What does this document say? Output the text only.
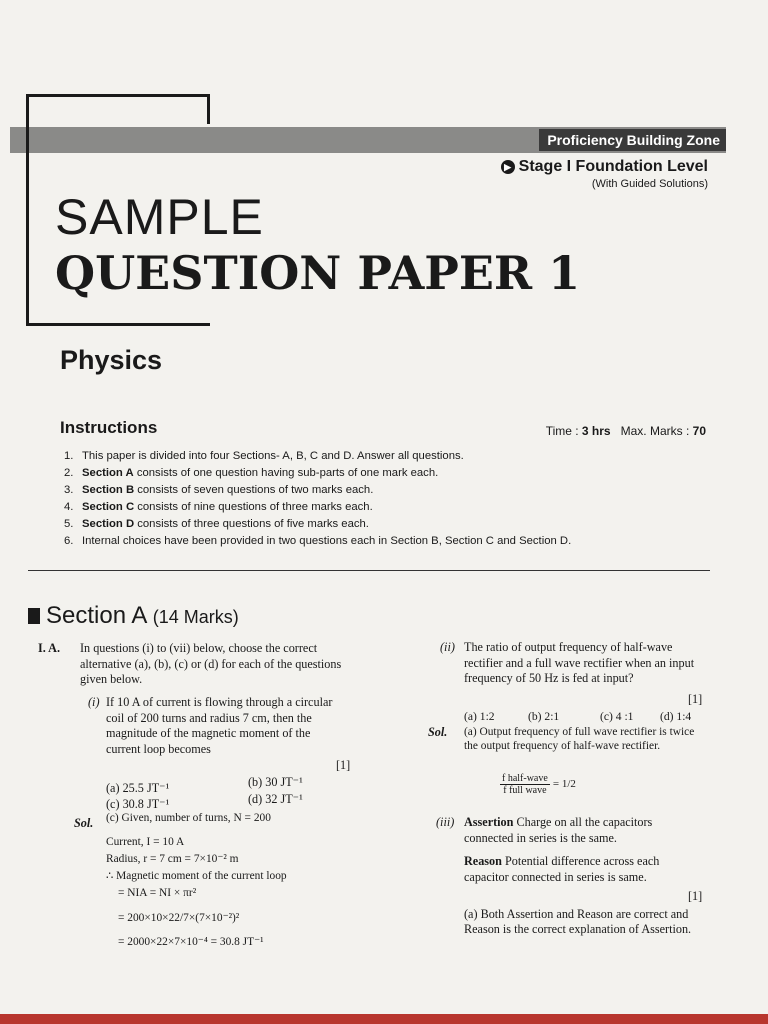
Proficiency Building Zone
▶ Stage I Foundation Level
(With Guided Solutions)
SAMPLE
QUESTION PAPER 1
Physics
Instructions	Time : 3 hrs Max. Marks : 70
1. This paper is divided into four Sections- A, B, C and D. Answer all questions.
2. Section A consists of one question having sub-parts of one mark each.
3. Section B consists of seven questions of two marks each.
4. Section C consists of nine questions of three marks each.
5. Section D consists of three questions of five marks each.
6. Internal choices have been provided in two questions each in Section B, Section C and Section D.
Section A (14 Marks)
I. A. In questions (i) to (vii) below, choose the correct alternative (a), (b), (c) or (d) for each of the questions given below.
(i) If 10 A of current is flowing through a circular coil of 200 turns and radius 7 cm, then the magnitude of the magnetic moment of the current loop becomes
[1]
(a) 25.5 JT⁻¹	(b) 30 JT⁻¹
(c) 30.8 JT⁻¹	(d) 32 JT⁻¹
Sol. (c) Given, number of turns, N = 200
Current, I = 10 A
Radius, r = 7 cm = 7×10⁻² m
∴ Magnetic moment of the current loop
= NIA = NI × πr²
= 200×10×22/7×(7×10⁻²)²
= 2000×22×7×10⁻⁴ = 30.8 JT⁻¹
(ii) The ratio of output frequency of half-wave rectifier and a full wave rectifier when an input frequency of 50 Hz is fed at input?
[1]
(a) 1:2	(b) 2:1	(c) 4 :1 (d) 1:4
Sol. (a) Output frequency of full wave rectifier is twice the output frequency of half-wave rectifier.
$\frac{\text{f half-wave}}{\text{f full wave}} = 1/2$
(iii) Assertion Charge on all the capacitors connected in series is the same.
Reason Potential difference across each capacitor connected in series is same.
[1]
(a) Both Assertion and Reason are correct and Reason is the correct explanation of Assertion.
